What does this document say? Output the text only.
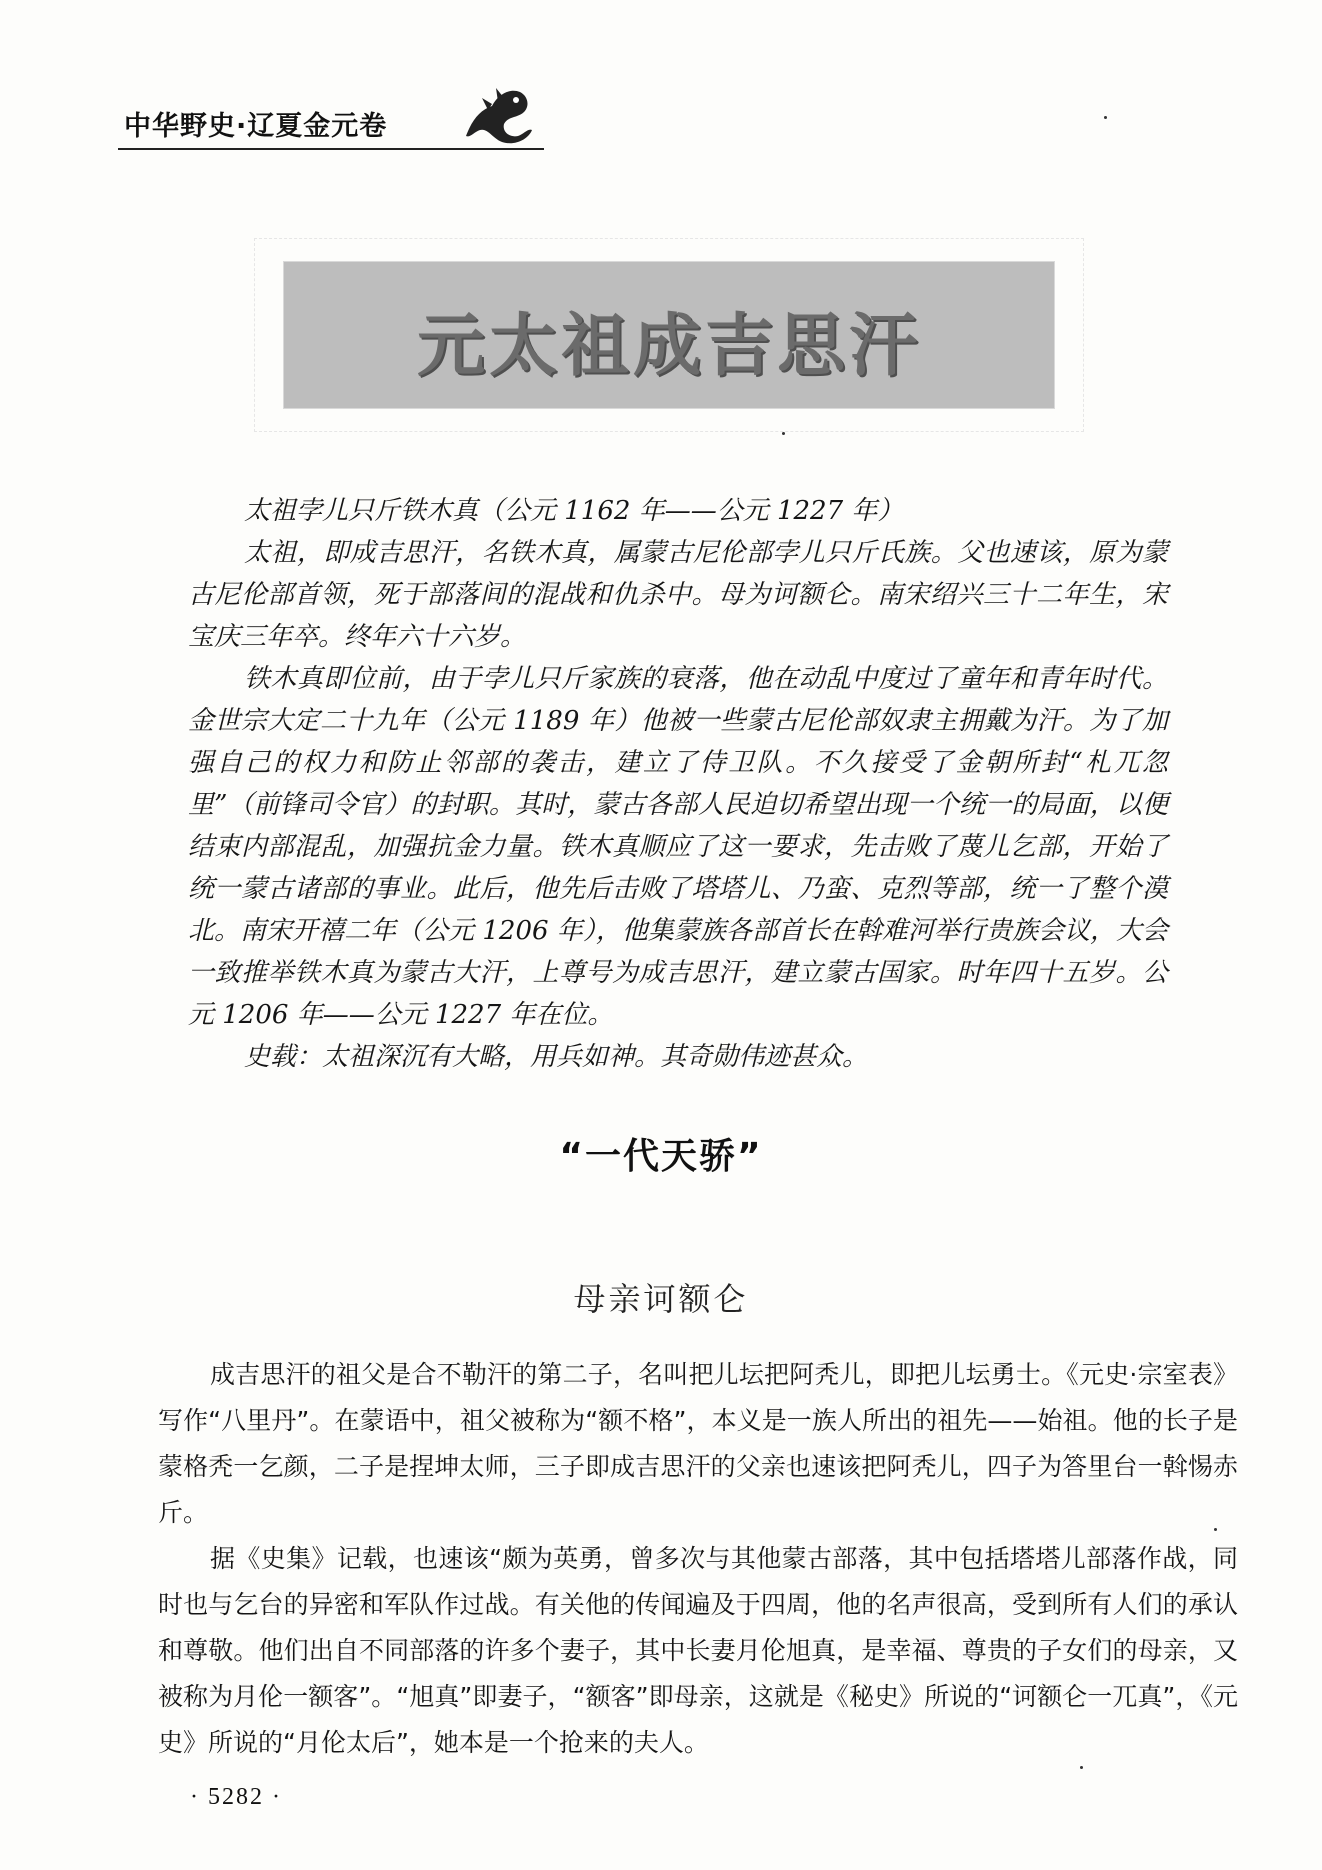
中华野史·辽夏金元卷
元太祖成吉思汗

太祖孛儿只斤铁木真（公元 1162 年——公元 1227 年）

太祖，即成吉思汗，名铁木真，属蒙古尼伦部孛儿只斤氏族。父也速该，原为蒙古尼伦部首领，死于部落间的混战和仇杀中。母为诃额仑。南宋绍兴三十二年生，宋宝庆三年卒。终年六十六岁。

铁木真即位前，由于孛儿只斤家族的衰落，他在动乱中度过了童年和青年时代。金世宗大定二十九年（公元 1189 年）他被一些蒙古尼伦部奴隶主拥戴为汗。为了加强自己的权力和防止邻部的袭击，建立了侍卫队。不久接受了金朝所封“札兀忽里”（前锋司令官）的封职。其时，蒙古各部人民迫切希望出现一个统一的局面，以便结束内部混乱，加强抗金力量。铁木真顺应了这一要求，先击败了蔑儿乞部，开始了统一蒙古诸部的事业。此后，他先后击败了塔塔儿、乃蛮、克烈等部，统一了整个漠北。南宋开禧二年（公元 1206 年），他集蒙族各部首长在斡难河举行贵族会议，大会一致推举铁木真为蒙古大汗，上尊号为成吉思汗，建立蒙古国家。时年四十五岁。公元 1206 年——公元 1227 年在位。

史载：太祖深沉有大略，用兵如神。其奇勋伟迹甚众。

“一代天骄”
母亲诃额仑

成吉思汗的祖父是合不勒汗的第二子，名叫把儿坛把阿秃儿，即把儿坛勇士。《元史·宗室表》写作“八里丹”。在蒙语中，祖父被称为“额不格”，本义是一族人所出的祖先——始祖。他的长子是蒙格秃一乞颜，二子是捏坤太师，三子即成吉思汗的父亲也速该把阿秃儿，四子为答里台一斡惕赤斤。

据《史集》记载，也速该“颇为英勇，曾多次与其他蒙古部落，其中包括塔塔儿部落作战，同时也与乞台的异密和军队作过战。有关他的传闻遍及于四周，他的名声很高，受到所有人们的承认和尊敬。他们出自不同部落的许多个妻子，其中长妻月伦旭真，是幸福、尊贵的子女们的母亲，又被称为月伦一额客”。“旭真”即妻子，“额客”即母亲，这就是《秘史》所说的“诃额仑一兀真”，《元史》所说的“月伦太后”，她本是一个抢来的夫人。

· 5282 ·
